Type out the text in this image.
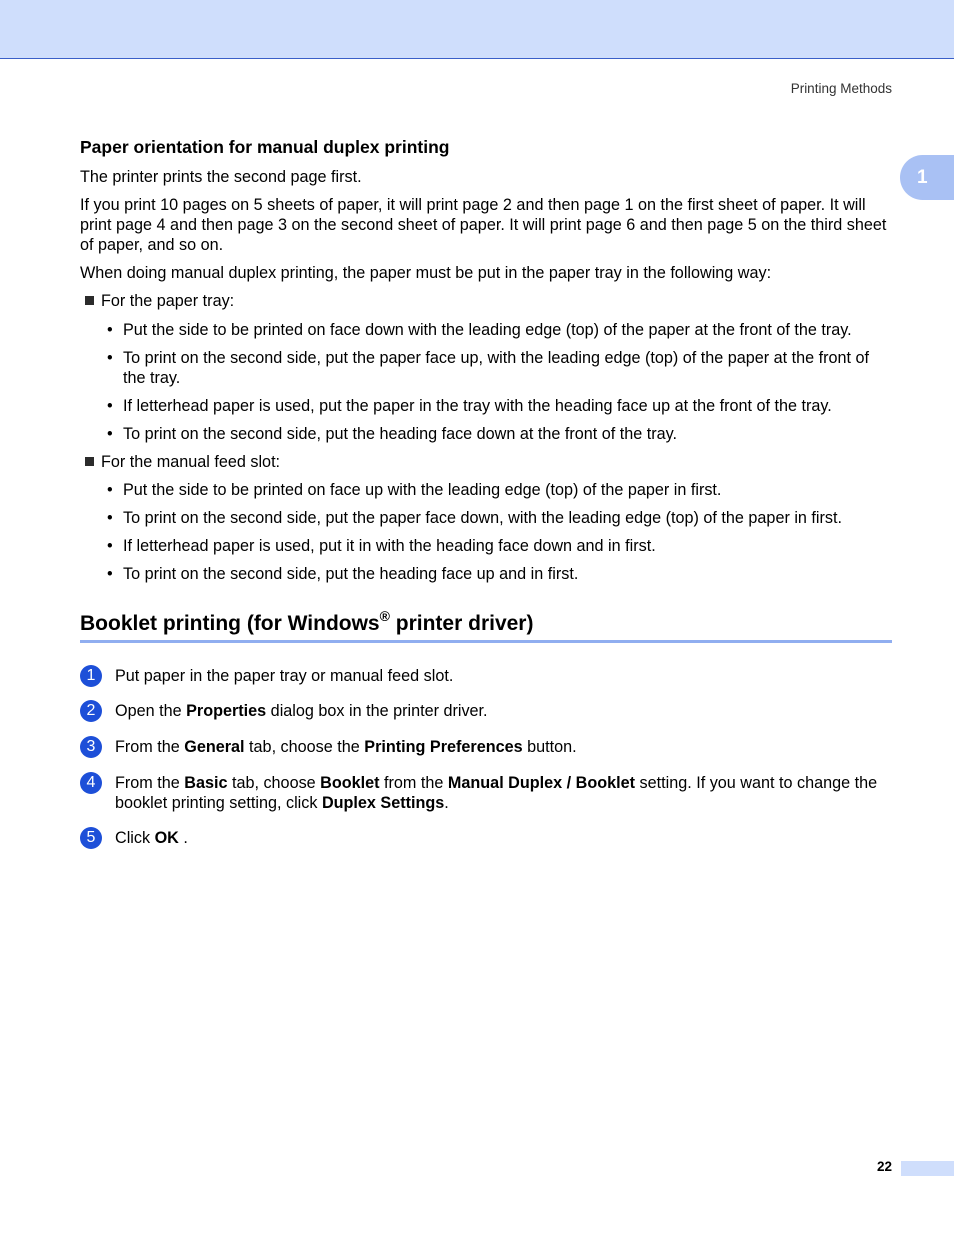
Printing Methods
1
Paper orientation for manual duplex printing
The printer prints the second page first.
If you print 10 pages on 5 sheets of paper, it will print page 2 and then page 1 on the first sheet of paper. It will print page 4 and then page 3 on the second sheet of paper. It will print page 6 and then page 5 on the third sheet of paper, and so on.
When doing manual duplex printing, the paper must be put in the paper tray in the following way:
For the paper tray:
• Put the side to be printed on face down with the leading edge (top) of the paper at the front of the tray.
• To print on the second side, put the paper face up, with the leading edge (top) of the paper at the front of the tray.
• If letterhead paper is used, put the paper in the tray with the heading face up at the front of the tray.
• To print on the second side, put the heading face down at the front of the tray.
For the manual feed slot:
• Put the side to be printed on face up with the leading edge (top) of the paper in first.
• To print on the second side, put the paper face down, with the leading edge (top) of the paper in first.
• If letterhead paper is used, put it in with the heading face down and in first.
• To print on the second side, put the heading face up and in first.
Booklet printing (for Windows® printer driver)
1	Put paper in the paper tray or manual feed slot.
2	Open the Properties dialog box in the printer driver.
3	From the General tab, choose the Printing Preferences button.
4	From the Basic tab, choose Booklet from the Manual Duplex / Booklet setting. If you want to change the booklet printing setting, click Duplex Settings.
5	Click OK .
22
